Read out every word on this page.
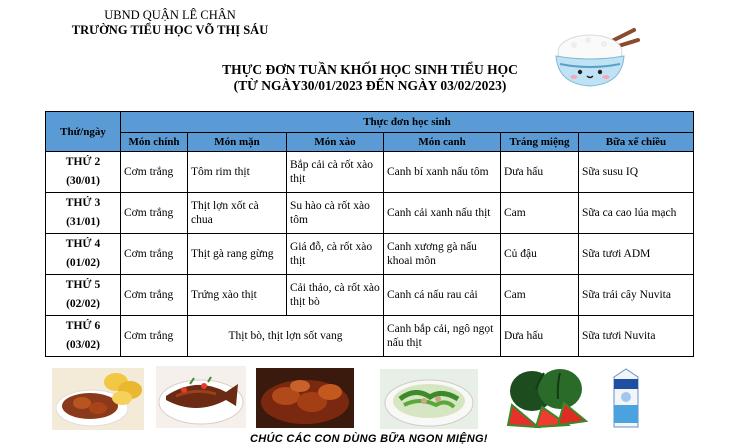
UBND QUẬN LÊ CHÂN
TRƯỜNG TIỂU HỌC VÕ THỊ SÁU
THỰC ĐƠN TUẦN KHỐI HỌC SINH TIỂU HỌC
(TỪ NGÀY30/01/2023 ĐẾN NGÀY 03/02/2023)
Thứ/ngày	Thực đơn học sinh					
	Món chính	Món mặn	Món xào	Món canh	Tráng miệng	Bữa xế chiều

THỨ 2
(30/01)	Cơm trắng	Tôm rim thịt	Bắp cải cà rốt xào thịt	Canh bí xanh nấu tôm	Dưa hấu	Sữa susu IQ

THỨ 3
(31/01)	Cơm trắng	Thịt lợn xốt cà chua	Su hào cà rốt xào tôm	Canh cải xanh nấu thịt	Cam	Sữa ca cao lúa mạch

THỨ 4
(01/02)	Cơm trắng	Thịt gà rang gừng	Giá đỗ, cà rốt xào thịt	Canh xương gà nấu khoai môn	Củ đậu	Sữa tươi ADM

THỨ 5
(02/02)	Cơm trắng	Trứng xào thịt	Cải thảo, cà rốt xào thịt bò	Canh cá nấu rau cải	Cam	Sữa trái cây Nuvita

THỨ 6
(03/02)	Cơm trắng	Thịt bò, thịt lợn sốt vang		Canh bắp cải, ngô ngọt nấu thịt	Dưa hấu	Sữa tươi Nuvita
CHÚC CÁC CON DÙNG BỮA NGON MIỆNG!
